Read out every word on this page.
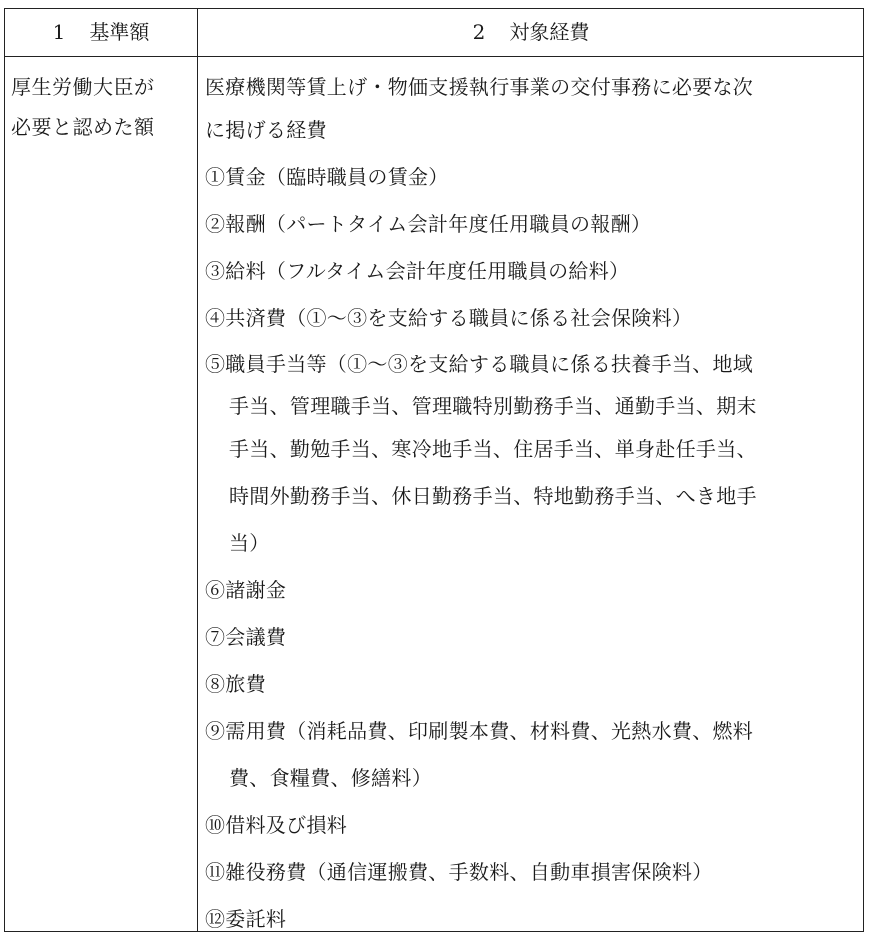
1 基準額	2 対象経費
厚生労働大臣が
必要と認めた額
医療機関等賃上げ・物価支援執行事業の交付事務に必要な次
に掲げる経費
①賃金（臨時職員の賃金）
②報酬（パートタイム会計年度任用職員の報酬）
③給料（フルタイム会計年度任用職員の給料）
④共済費（①～③を支給する職員に係る社会保険料）
⑤職員手当等（①～③を支給する職員に係る扶養手当、地域
手当、管理職手当、管理職特別勤務手当、通勤手当、期末
手当、勤勉手当、寒冷地手当、住居手当、単身赴任手当、
時間外勤務手当、休日勤務手当、特地勤務手当、へき地手
当）
⑥諸謝金
⑦会議費
⑧旅費
⑨需用費（消耗品費、印刷製本費、材料費、光熱水費、燃料
費、食糧費、修繕料）
⑩借料及び損料
⑪雑役務費（通信運搬費、手数料、自動車損害保険料）
⑫委託料
